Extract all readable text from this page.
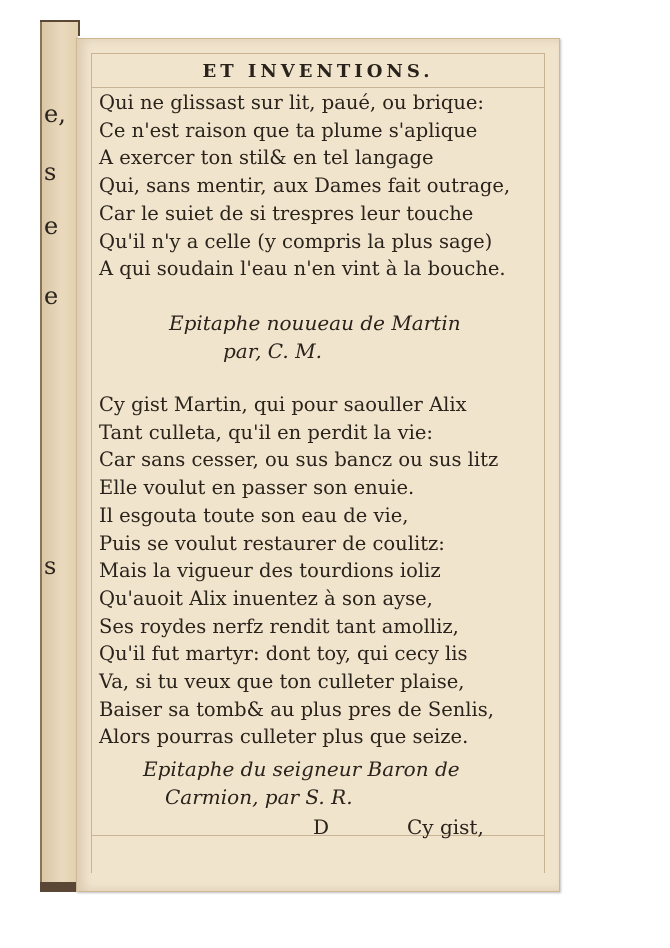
e,
s
e
e
s
ET INVENTIONS.
Qui ne glissast sur lit, paué, ou brique:
Ce n'est raison que ta plume s'aplique
A exercer ton stil& en tel langage
Qui, sans mentir, aux Dames fait outrage,
Car le suiet de si trespres leur touche
Qu'il n'y a celle (y compris la plus sage)
A qui soudain l'eau n'en vint à la bouche.
Epitaphe nouueau de Martin
par, C. M.
Cy gist Martin, qui pour saouller Alix
Tant culleta, qu'il en perdit la vie:
Car sans cesser, ou sus bancz ou sus litz
Elle voulut en passer son enuie.
Il esgouta toute son eau de vie,
Puis se voulut restaurer de coulitz:
Mais la vigueur des tourdions ioliz
Qu'auoit Alix inuentez à son ayse,
Ses roydes nerfz rendit tant amolliz,
Qu'il fut martyr: dont toy, qui cecy lis
Va, si tu veux que ton culleter plaise,
Baiser sa tomb& au plus pres de Senlis,
Alors pourras culleter plus que seize.
Epitaphe du seigneur Baron de
Carmion, par S. R.
D	Cy gist,
